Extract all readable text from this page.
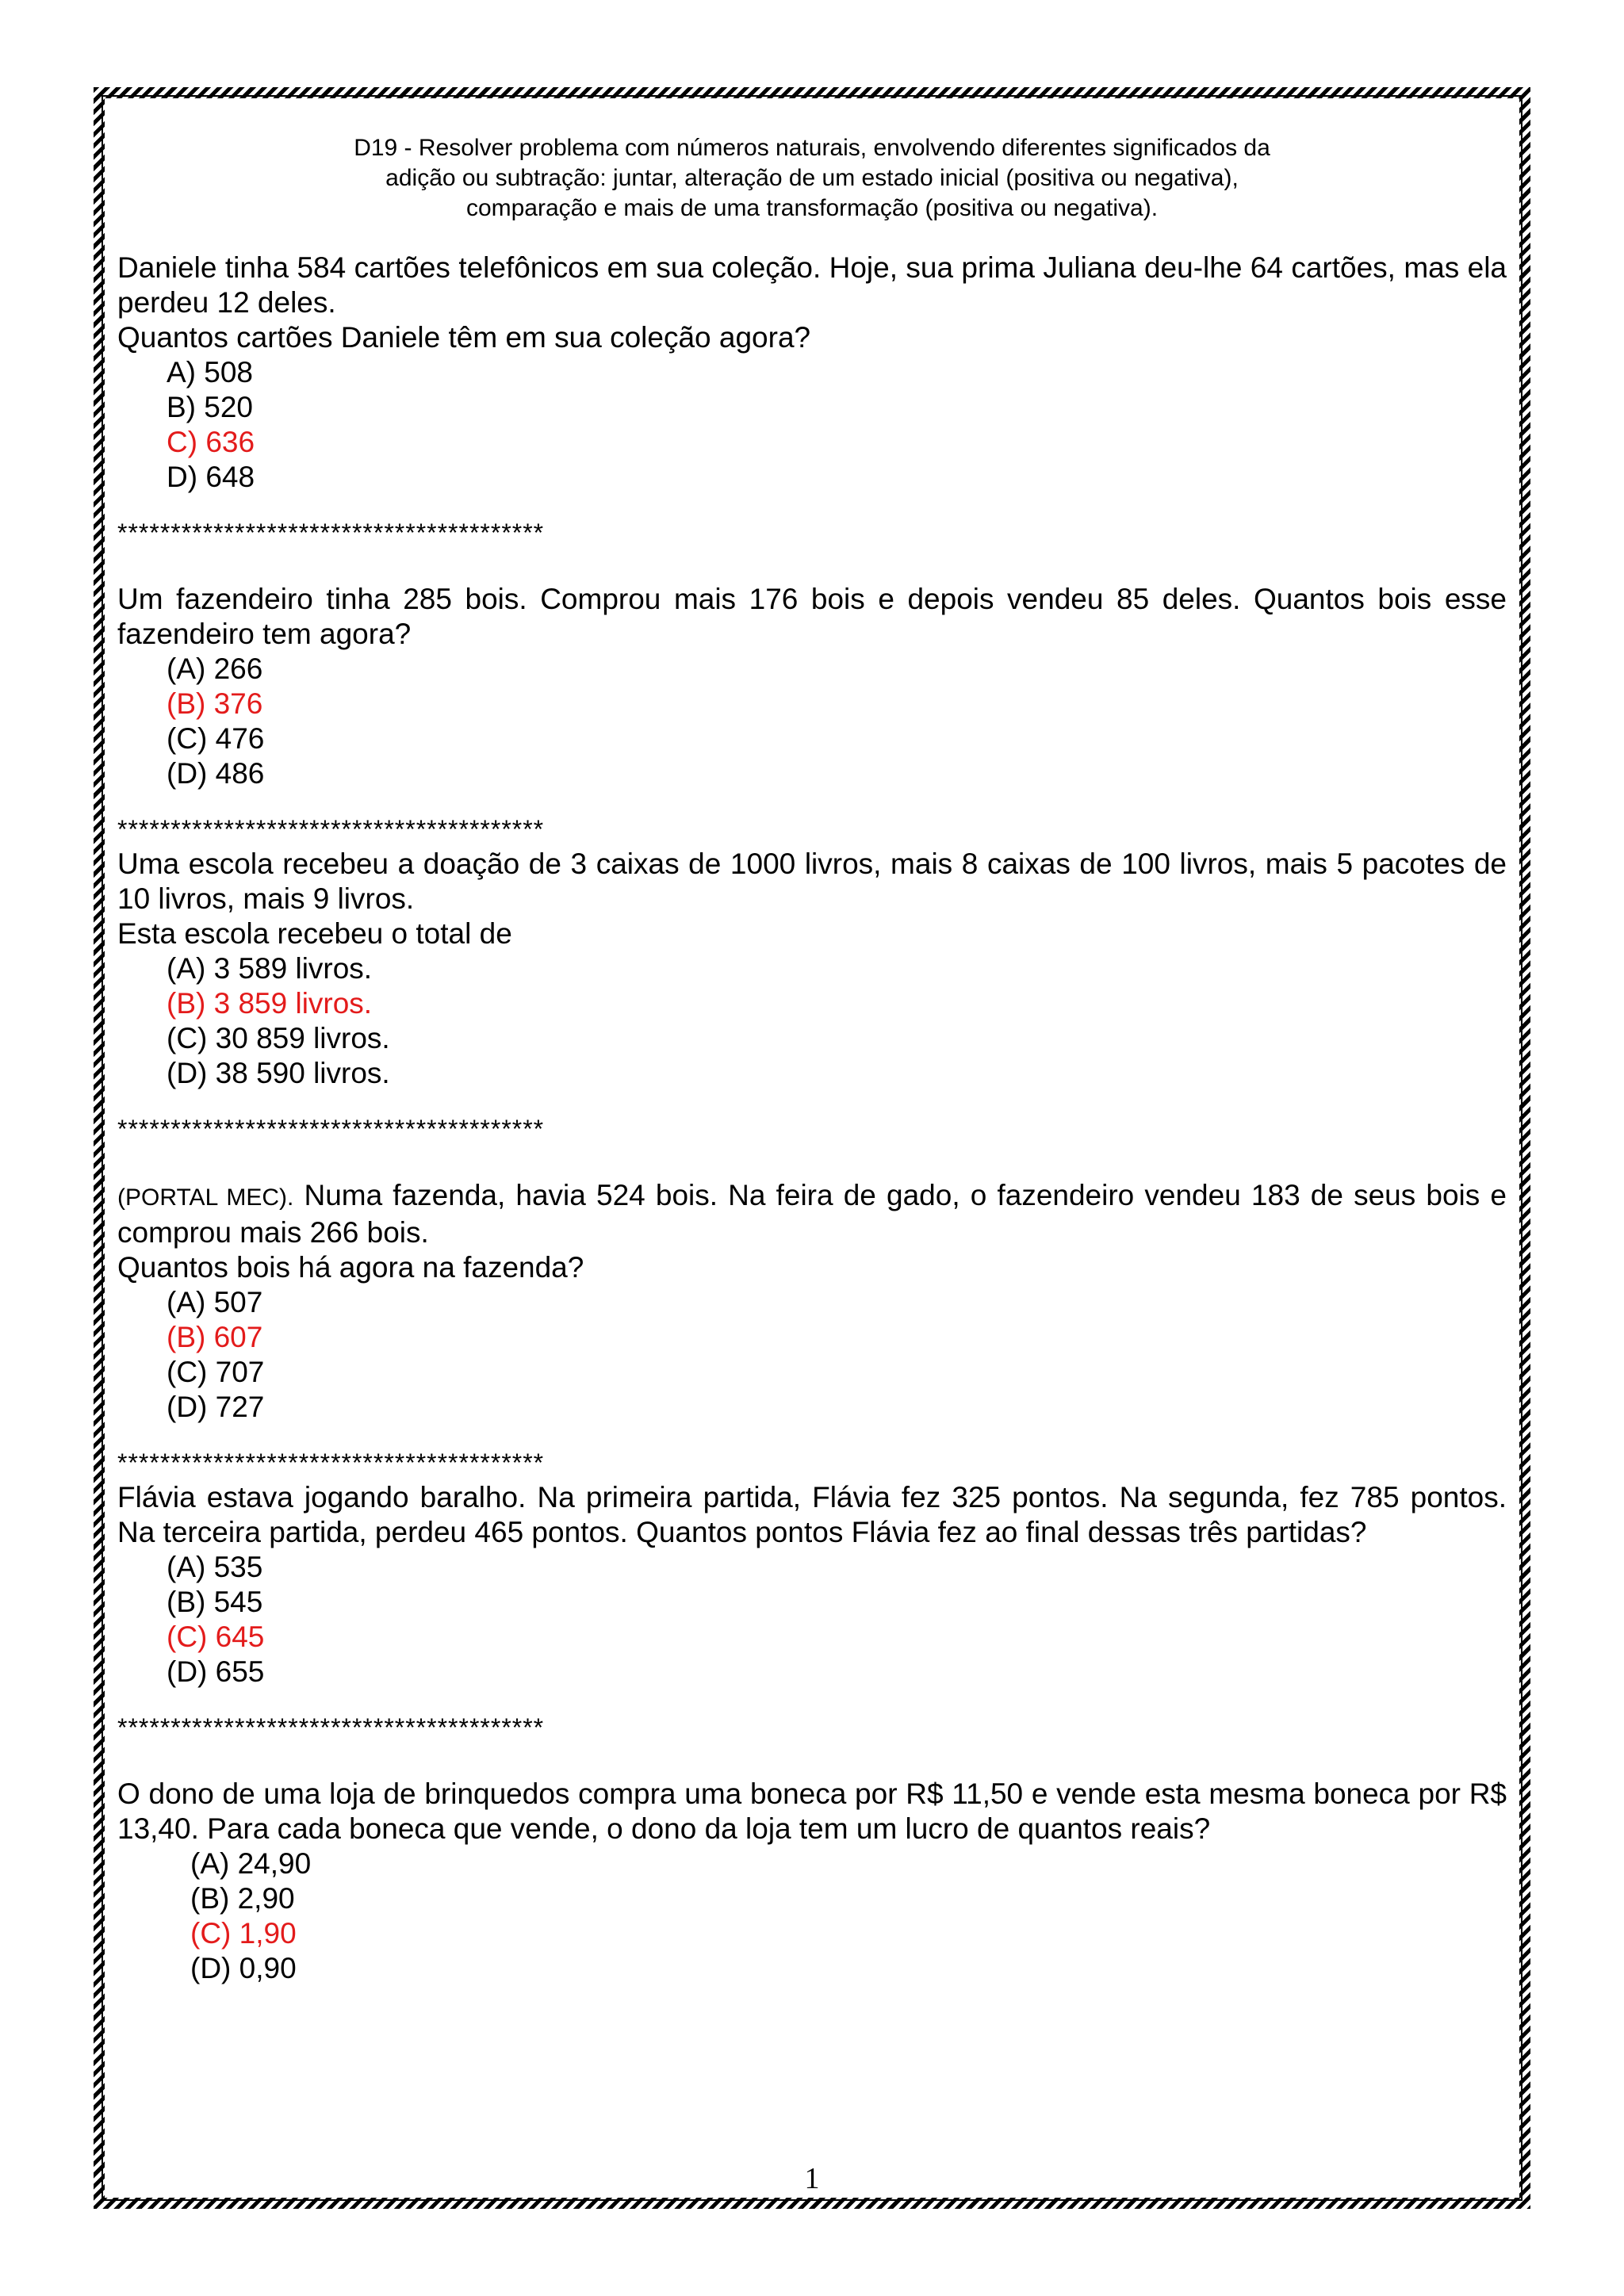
D19 - Resolver problema com números naturais, envolvendo diferentes significados da
adição ou subtração: juntar, alteração de um estado inicial (positiva ou negativa),
comparação e mais de uma transformação (positiva ou negativa).

Daniele tinha 584 cartões telefônicos em sua coleção. Hoje, sua prima Juliana deu-lhe 64 cartões, mas ela perdeu 12 deles.

Quantos cartões Daniele têm em sua coleção agora?

A) 508
B) 520
C) 636
D) 648

****************************************

Um fazendeiro tinha 285 bois. Comprou mais 176 bois e depois vendeu 85 deles. Quantos bois esse fazendeiro tem agora?

(A) 266
(B) 376
(C) 476
(D) 486

****************************************

Uma escola recebeu a doação de 3 caixas de 1000 livros, mais 8 caixas de 100 livros, mais 5 pacotes de 10 livros, mais 9 livros.

Esta escola recebeu o total de

(A) 3 589 livros.
(B) 3 859 livros.
(C) 30 859 livros.
(D) 38 590 livros.

****************************************

(PORTAL MEC). Numa fazenda, havia 524 bois. Na feira de gado, o fazendeiro vendeu 183 de seus bois e comprou mais 266 bois.

Quantos bois há agora na fazenda?

(A) 507
(B) 607
(C) 707
(D) 727

****************************************

Flávia estava jogando baralho. Na primeira partida, Flávia fez 325 pontos. Na segunda, fez 785 pontos. Na terceira partida, perdeu 465 pontos. Quantos pontos Flávia fez ao final dessas três partidas?

(A) 535
(B) 545
(C) 645
(D) 655

****************************************

O dono de uma loja de brinquedos compra uma boneca por R$ 11,50 e vende esta mesma boneca por R$ 13,40. Para cada boneca que vende, o dono da loja tem um lucro de quantos reais?

(A) 24,90
(B) 2,90
(C) 1,90
(D) 0,90
1
